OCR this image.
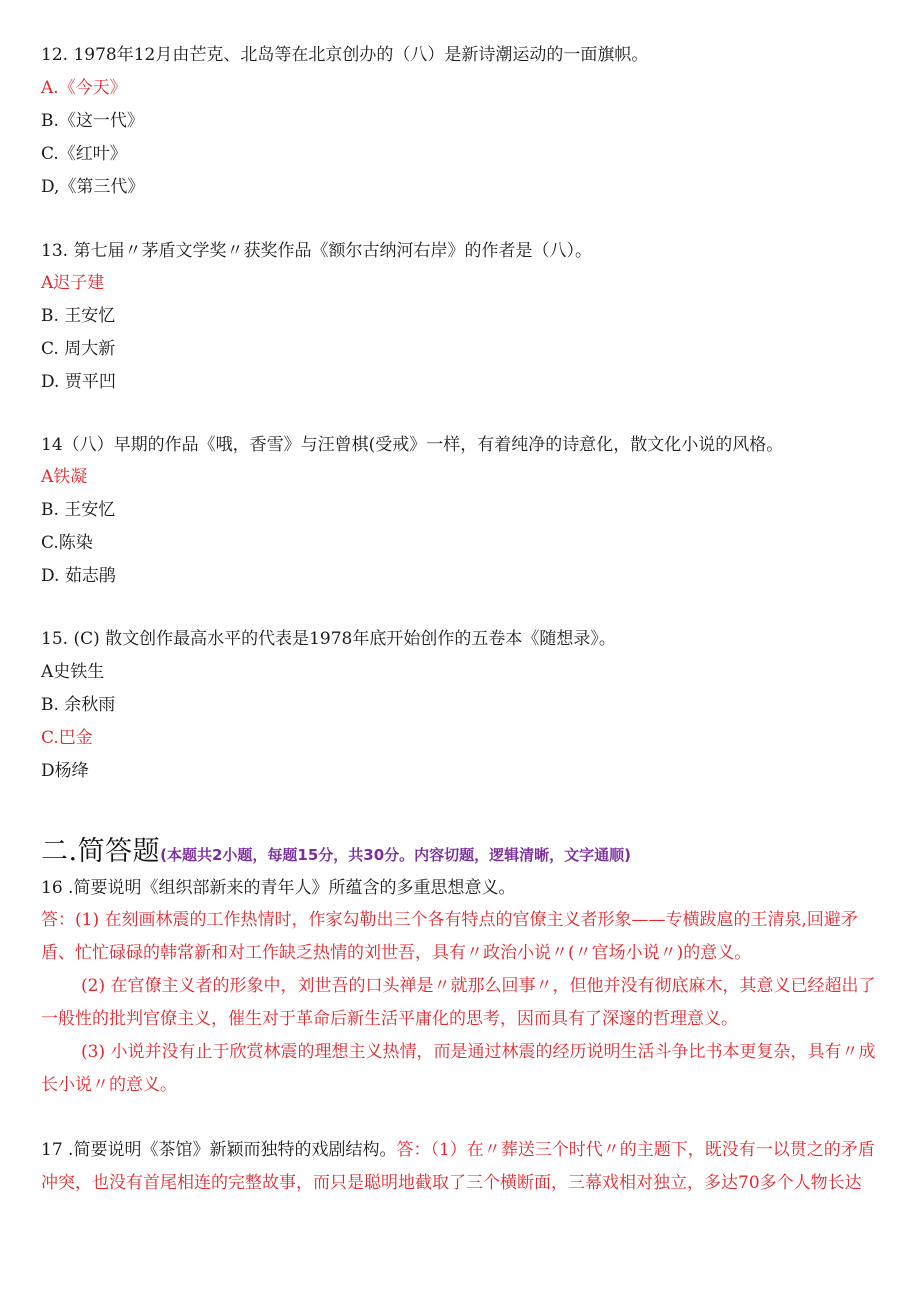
12. 1978年12月由芒克、北岛等在北京创办的（八）是新诗潮运动的一面旗帜。
A.《今天》
B.《这一代》
C.《红叶》
D,《第三代》
13. 第七届〃茅盾文学奖〃获奖作品《额尔古纳河右岸》的作者是（八）。
A迟子建
B. 王安忆
C. 周大新
D. 贾平凹
14（八）早期的作品《哦，香雪》与汪曾棋(受戒》一样，有着纯净的诗意化，散文化小说的风格。
A铁凝
B. 王安忆
C.陈染
D. 茹志鹃
15. (C) 散文创作最高水平的代表是1978年底开始创作的五卷本《随想录》。
A史铁生
B. 余秋雨
C.巴金
D杨绛
二.简答题(本题共2小题，每题15分，共30分。内容切题，逻辑清晰，文字通顺)
16 .简要说明《组织部新来的青年人》所蕴含的多重思想意义。
答：(1) 在刻画林震的工作热情时，作家勾勒出三个各有特点的官僚主义者形象——专横跋扈的王清泉,回避矛盾、忙忙碌碌的韩常新和对工作缺乏热情的刘世吾，具有〃政治小说〃(〃官场小说〃)的意义。
(2) 在官僚主义者的形象中，刘世吾的口头禅是〃就那么回事〃，但他并没有彻底麻木，其意义已经超出了一般性的批判官僚主义，催生对于革命后新生活平庸化的思考，因而具有了深邃的哲理意义。
(3) 小说并没有止于欣赏林震的理想主义热情，而是通过林震的经历说明生活斗争比书本更复杂，具有〃成长小说〃的意义。
17 .简要说明《茶馆》新颖而独特的戏剧结构。答：（1）在〃葬送三个时代〃的主题下，既没有一以贯之的矛盾冲突，也没有首尾相连的完整故事，而只是聪明地截取了三个横断面，三幕戏相对独立，多达70多个人物长达
